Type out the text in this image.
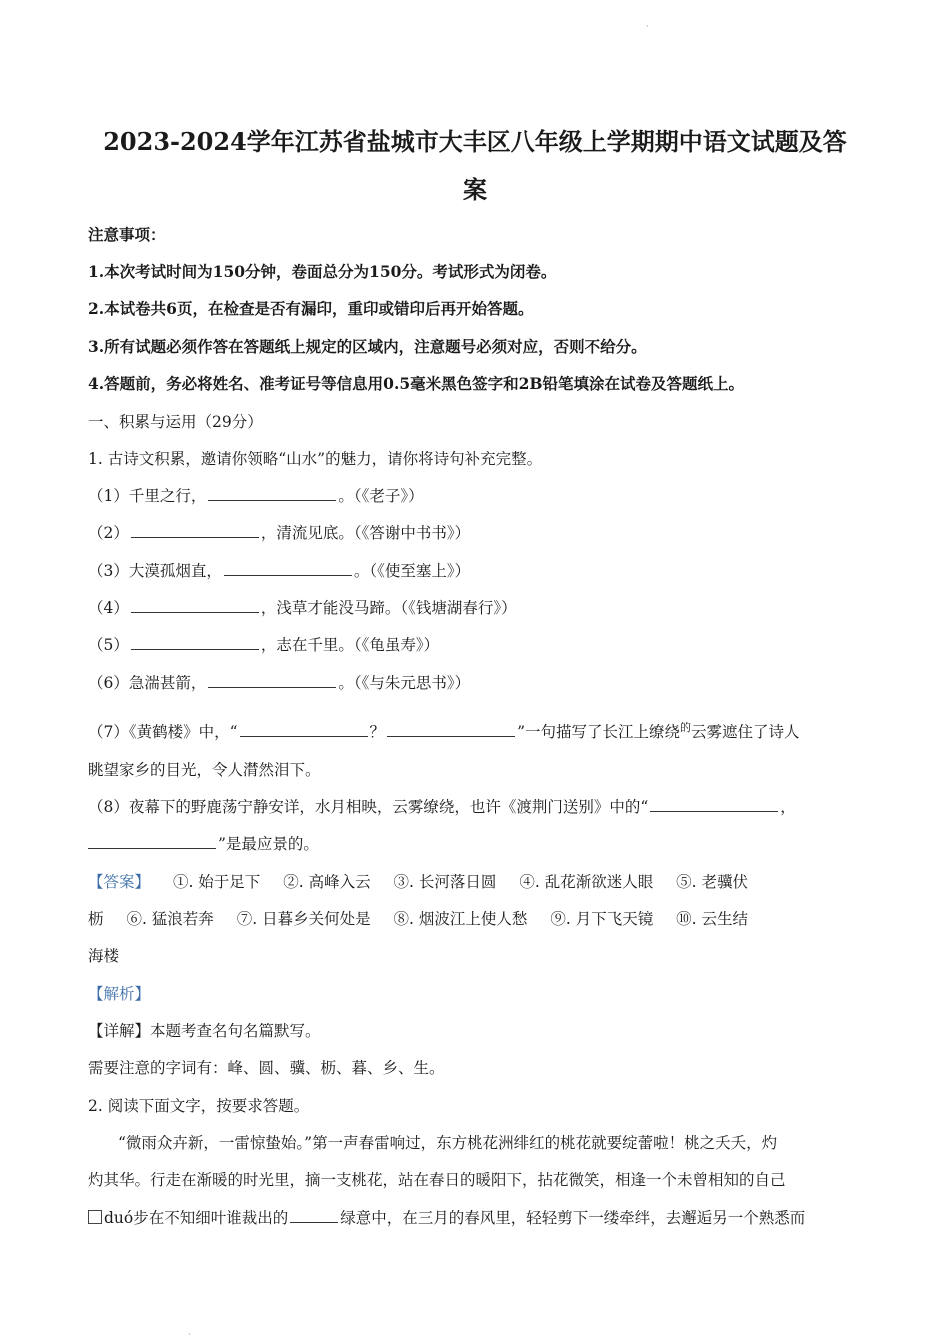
·
·
2023-2024学年江苏省盐城市大丰区八年级上学期期中语文试题及答
案
注意事项：
1.本次考试时间为150分钟，卷面总分为150分。考试形式为闭卷。
2.本试卷共6页，在检查是否有漏印，重印或错印后再开始答题。
3.所有试题必须作答在答题纸上规定的区域内，注意题号必须对应，否则不给分。
4.答题前，务必将姓名、准考证号等信息用0.5毫米黑色签字和2B铅笔填涂在试卷及答题纸上。
一、积累与运用（29分）
1. 古诗文积累，邀请你领略“山水”的魅力，请你将诗句补充完整。
（1）千里之行，	。（《老子》）
（2）	，清流见底。（《答谢中书书》）
（3）大漠孤烟直，	。（《使至塞上》）
（4）	，浅草才能没马蹄。（《钱塘湖春行》）
（5）	，志在千里。（《龟虽寿》）
（6）急湍甚箭，	。（《与朱元思书》）
（7）《黄鹤楼》中，“	？	”一句描写了长江上缭绕$^的$云雾遮住了诗人
眺望家乡的目光，令人潸然泪下。
（8）夜幕下的野鹿荡宁静安详，水月相映，云雾缭绕，也许《渡荆门送别》中的“	，
”是最应景的。
【答案】 ①. 始于足下 ②. 高峰入云 ③. 长河落日圆 ④. 乱花渐欲迷人眼 ⑤. 老骥伏
枥 ⑥. 猛浪若奔 ⑦. 日暮乡关何处是 ⑧. 烟波江上使人愁 ⑨. 月下飞天镜 ⑩. 云生结
海楼
【解析】
【详解】本题考查名句名篇默写。
需要注意的字词有：峰、圆、骥、枥、暮、乡、生。
2. 阅读下面文字，按要求答题。
“微雨众卉新，一雷惊蛰始。”第一声春雷响过，东方桃花洲绯红的桃花就要绽蕾啦！桃之夭夭，灼
灼其华。行走在渐暖的时光里，摘一支桃花，站在春日的暖阳下，拈花微笑，相逢一个未曾相知的自己
duó步在不知细叶谁裁出的	绿意中，在三月的春风里，轻轻剪下一缕牵绊，去邂逅另一个熟悉而
